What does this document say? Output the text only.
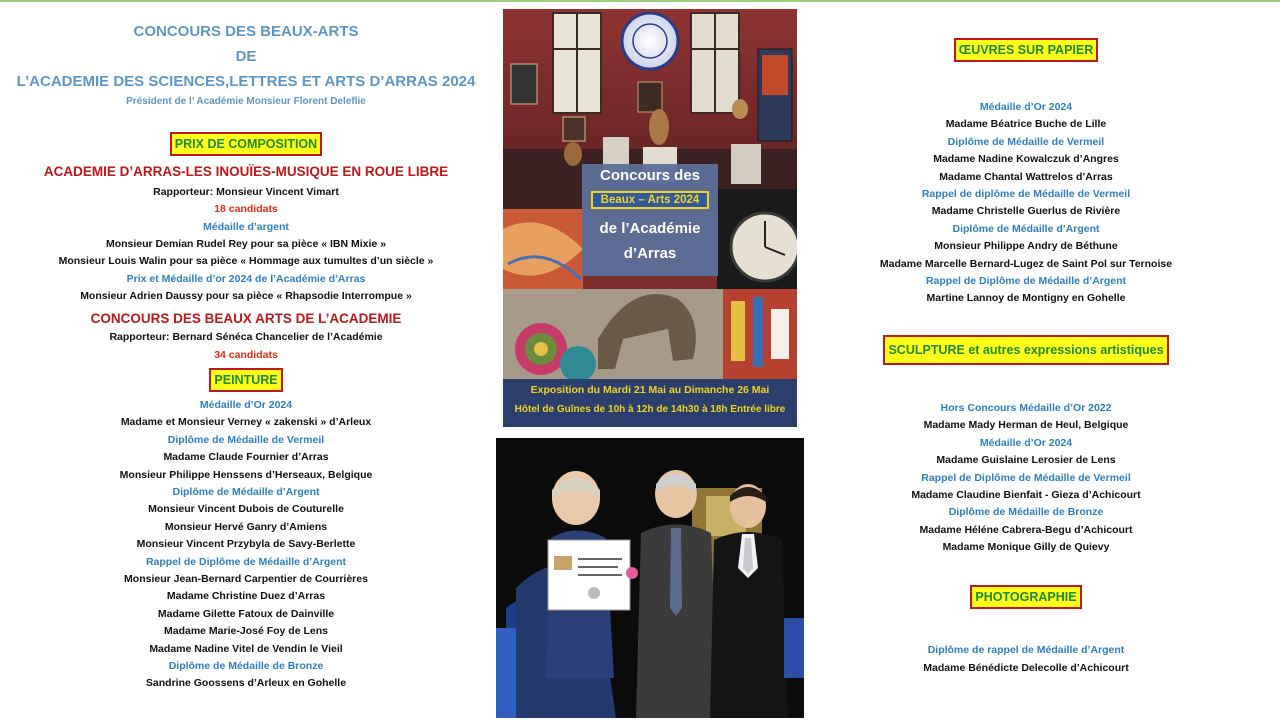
CONCOURS DES BEAUX-ARTS
DE
L’ACADEMIE DES SCIENCES,LETTRES ET ARTS D’ARRAS 2024
Président de l’ Académie Monsieur Florent Deleflie
PRIX DE COMPOSITION
ACADEMIE D’ARRAS-LES INOUÏES-MUSIQUE EN ROUE LIBRE
Rapporteur: Monsieur Vincent Vimart
18 candidats
Médaille d’argent
Monsieur Demian Rudel Rey pour sa pièce « IBN Mixie »
Monsieur Louis Walin pour sa pièce « Hommage aux tumultes d’un siècle »
Prix et Médaille d’or 2024 de l’Académie d’Arras
Monsieur Adrien Daussy pour sa pièce « Rhapsodie Interrompue »
CONCOURS DES BEAUX ARTS DE L’ACADEMIE
Rapporteur: Bernard Sénéca Chancelier de l’Académie
34 candidats
PEINTURE
Médaille d’Or 2024
Madame et Monsieur Verney « zakenski » d’Arleux
Diplôme de Médaille de Vermeil
Madame Claude Fournier d’Arras
Monsieur Philippe Henssens d’Herseaux, Belgique
Diplôme de Médaille d’Argent
Monsieur Vincent Dubois de Couturelle
Monsieur Hervé Ganry d’Amiens
Monsieur Vincent Przybyla de Savy-Berlette
Rappel de Diplôme de Médaille d’Argent
Monsieur Jean-Bernard Carpentier de Courrières
Madame Christine Duez d’Arras
Madame Gilette Fatoux de Dainville
Madame Marie-José Foy de Lens
Madame Nadine Vitel de Vendin le Vieil
Diplôme de Médaille de Bronze
Sandrine Goossens d’Arleux en Gohelle
Concours des
Beaux – Arts 2024
de l’Académie
d’Arras
Exposition du Mardi 21 Mai au Dimanche 26 Mai
Hôtel de Guînes de 10h à 12h de 14h30 à 18h Entrée libre
ŒUVRES SUR PAPIER
Médaille d’Or 2024
Madame Béatrice Buche de Lille
Diplôme de Médaille de Vermeil
Madame Nadine Kowalczuk d’Angres
Madame Chantal Wattrelos d’Arras
Rappel de diplôme de Médaille de Vermeil
Madame Christelle Guerlus de Rivière
Diplôme de Médaille d’Argent
Monsieur Philippe Andry de Béthune
Madame Marcelle Bernard-Lugez de Saint Pol sur Ternoise
Rappel de Diplôme de Médaille d’Argent
Martine Lannoy de Montigny en Gohelle
SCULPTURE et autres expressions artistiques
Hors Concours Médaille d’Or 2022
Madame Mady Herman de Heul, Belgique
Médaille d’Or 2024
Madame Guislaine Lerosier de Lens
Rappel de Diplôme de Médaille de Vermeil
Madame Claudine Bienfait - Gieza d’Achicourt
Diplôme de Médaille de Bronze
Madame Héléne Cabrera-Begu d’Achicourt
Madame Monique Gilly de Quievy
PHOTOGRAPHIE
Diplôme de rappel de Médaille d’Argent
Madame Bénédicte Delecolle d’Achicourt
